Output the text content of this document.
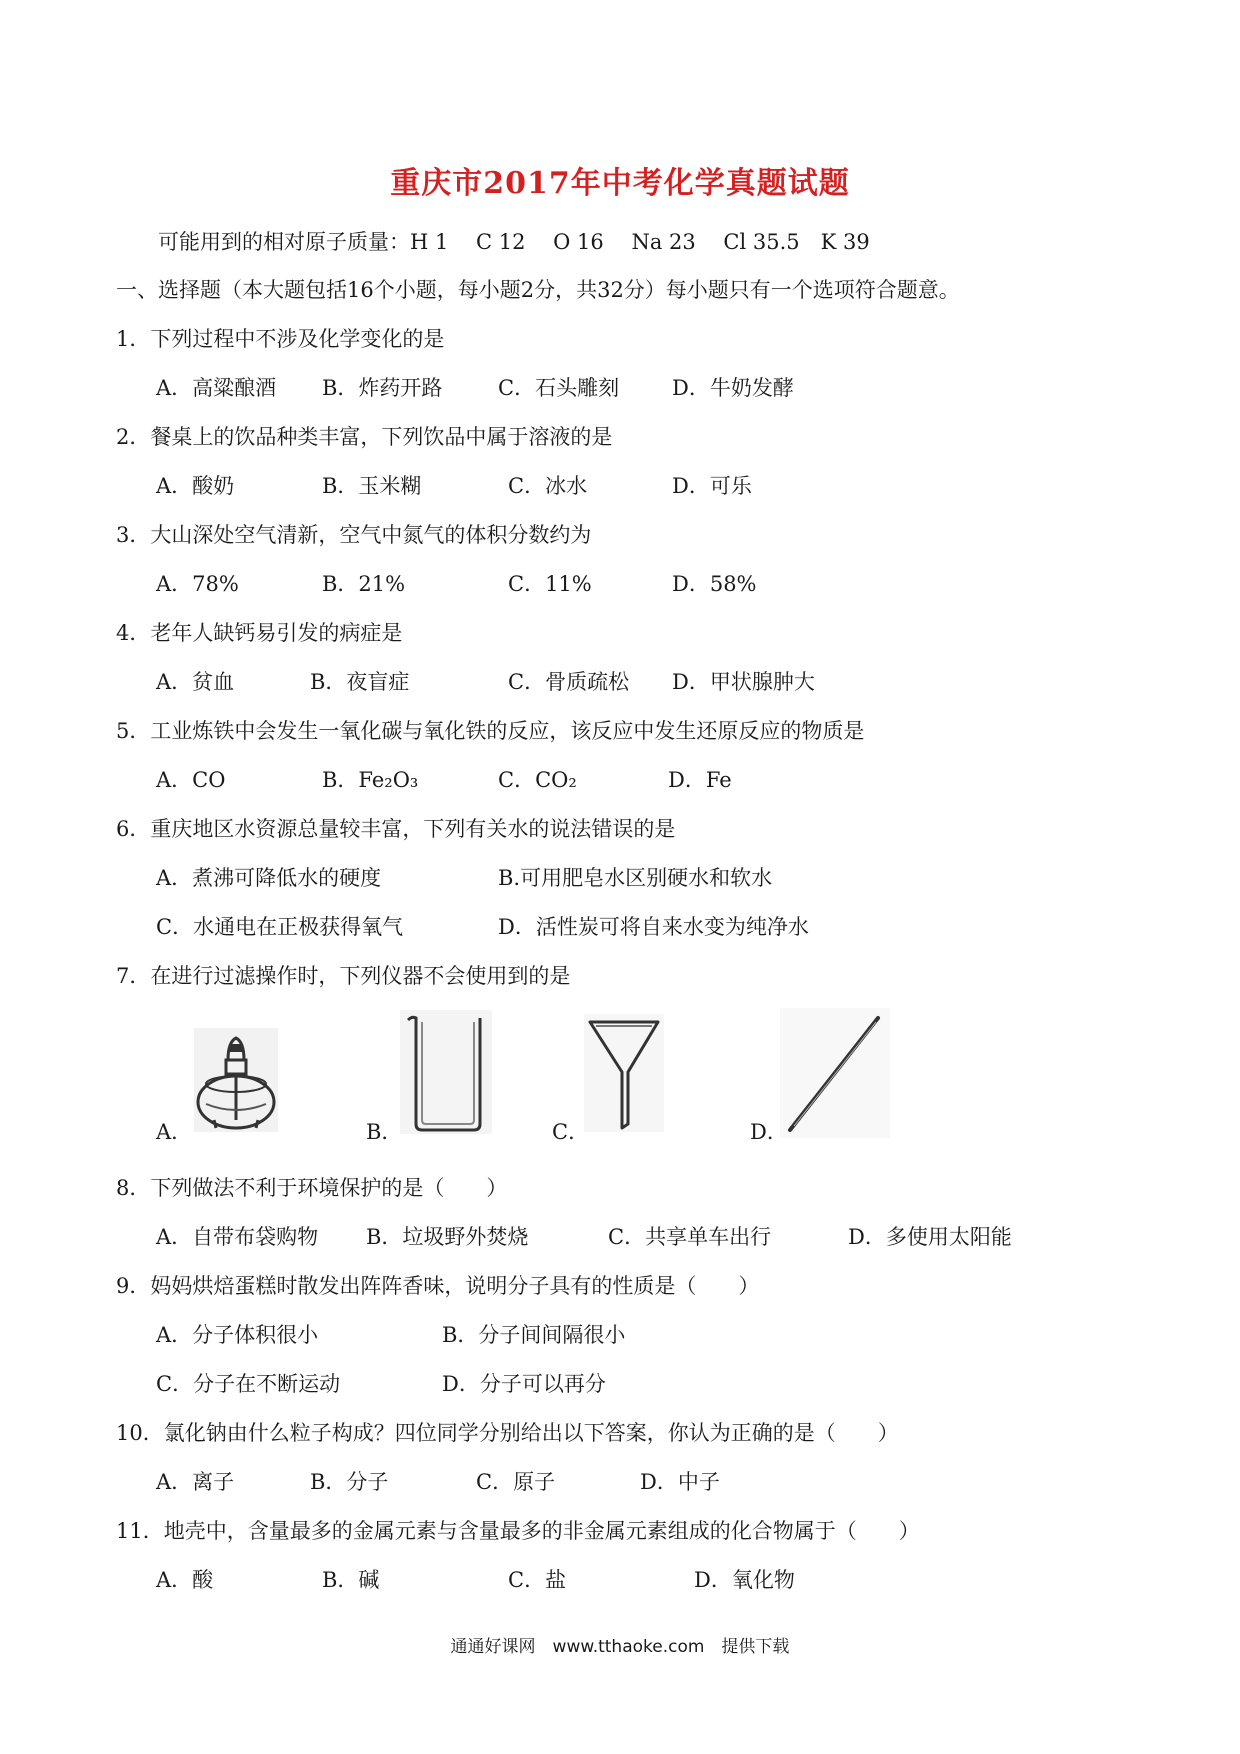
重庆市2017年中考化学真题试题
可能用到的相对原子质量：H 1　 C 12　 O 16　 Na 23　 Cl 35.5　K 39
一、选择题（本大题包括16个小题，每小题2分，共32分）每小题只有一个选项符合题意。
1．下列过程中不涉及化学变化的是
A．高粱酿酒 B．炸药开路	C．石头雕刻	D．牛奶发酵
2．餐桌上的饮品种类丰富，下列饮品中属于溶液的是
A．酸奶	B．玉米糊	C．冰水	D．可乐
3．大山深处空气清新，空气中氮气的体积分数约为
A．78%	B．21%	C．11%	D．58%
4．老年人缺钙易引发的病症是
A．贫血	B．夜盲症	C．骨质疏松 D．甲状腺肿大
5．工业炼铁中会发生一氧化碳与氧化铁的反应，该反应中发生还原反应的物质是
A．CO	B．Fe₂O₃	C．CO₂	D．Fe
6．重庆地区水资源总量较丰富，下列有关水的说法错误的是
A．煮沸可降低水的硬度	B.可用肥皂水区别硬水和软水
C．水通电在正极获得氧气	D．活性炭可将自来水变为纯净水
7．在进行过滤操作时，下列仪器不会使用到的是
A．	B．	C．	D．
8．下列做法不利于环境保护的是（　　）
A．自带布袋购物 B．垃圾野外焚烧	C．共享单车出行	D．多使用太阳能
9．妈妈烘焙蛋糕时散发出阵阵香味，说明分子具有的性质是（　　）
A．分子体积很小	B．分子间间隔很小
C．分子在不断运动	D．分子可以再分
10．氯化钠由什么粒子构成？四位同学分别给出以下答案，你认为正确的是（　　）
A．离子	B．分子	C．原子	D．中子
11．地壳中，含量最多的金属元素与含量最多的非金属元素组成的化合物属于（　　）
A．酸	B．碱	C．盐	D．氧化物
通通好课网　www.tthaoke.com　提供下载
